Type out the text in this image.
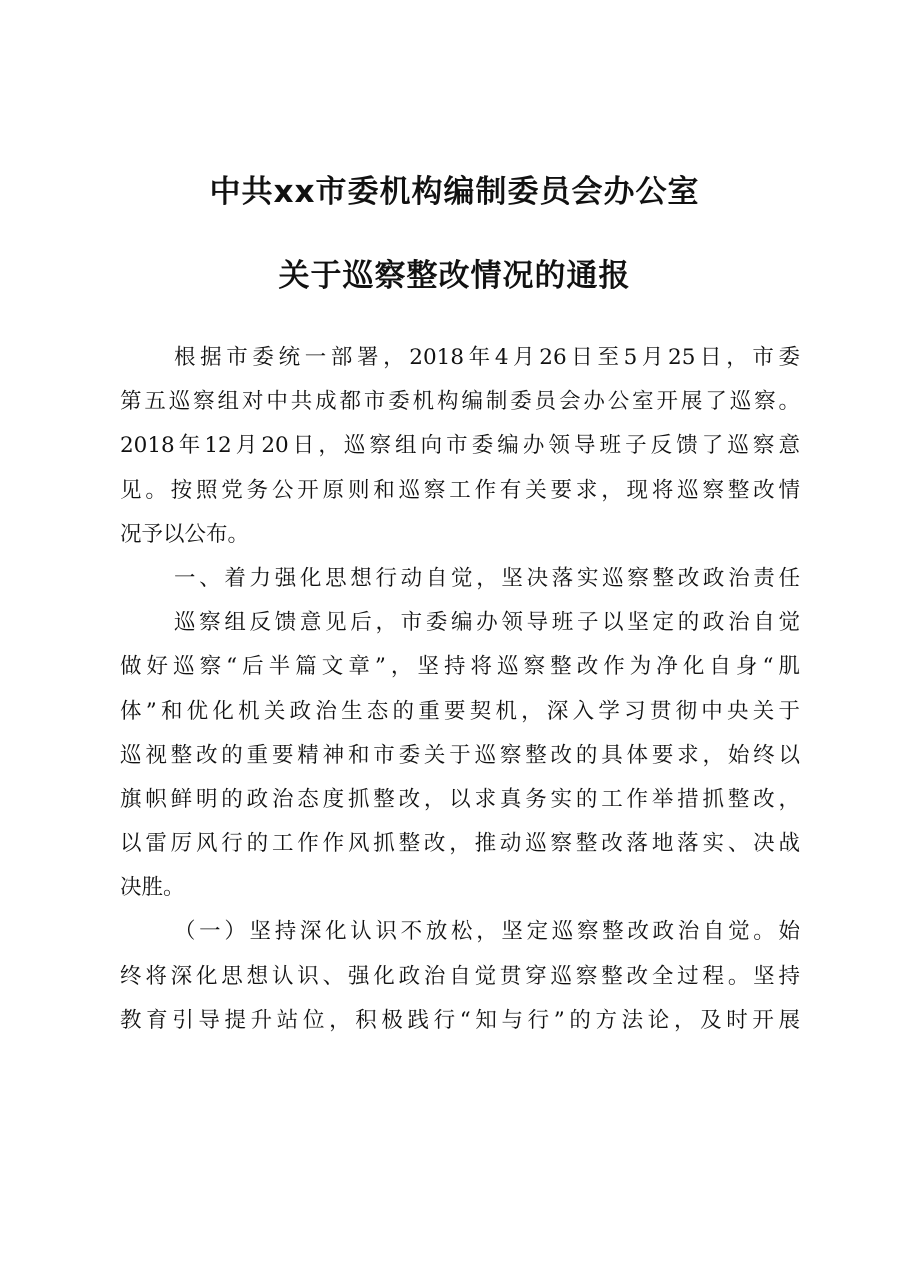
中共xx市委机构编制委员会办公室
关于巡察整改情况的通报
根据市委统一部署，2018年4月26日至5月25日，市委
第五巡察组对中共成都市委机构编制委员会办公室开展了巡察。
2018年12月20日，巡察组向市委编办领导班子反馈了巡察意
见。按照党务公开原则和巡察工作有关要求，现将巡察整改情
况予以公布。
一、着力强化思想行动自觉，坚决落实巡察整改政治责任
巡察组反馈意见后，市委编办领导班子以坚定的政治自觉
做好巡察“后半篇文章”，坚持将巡察整改作为净化自身“肌
体”和优化机关政治生态的重要契机，深入学习贯彻中央关于
巡视整改的重要精神和市委关于巡察整改的具体要求，始终以
旗帜鲜明的政治态度抓整改，以求真务实的工作举措抓整改，
以雷厉风行的工作作风抓整改，推动巡察整改落地落实、决战
决胜。
（一）坚持深化认识不放松，坚定巡察整改政治自觉。始
终将深化思想认识、强化政治自觉贯穿巡察整改全过程。坚持
教育引导提升站位，积极践行“知与行”的方法论，及时开展
